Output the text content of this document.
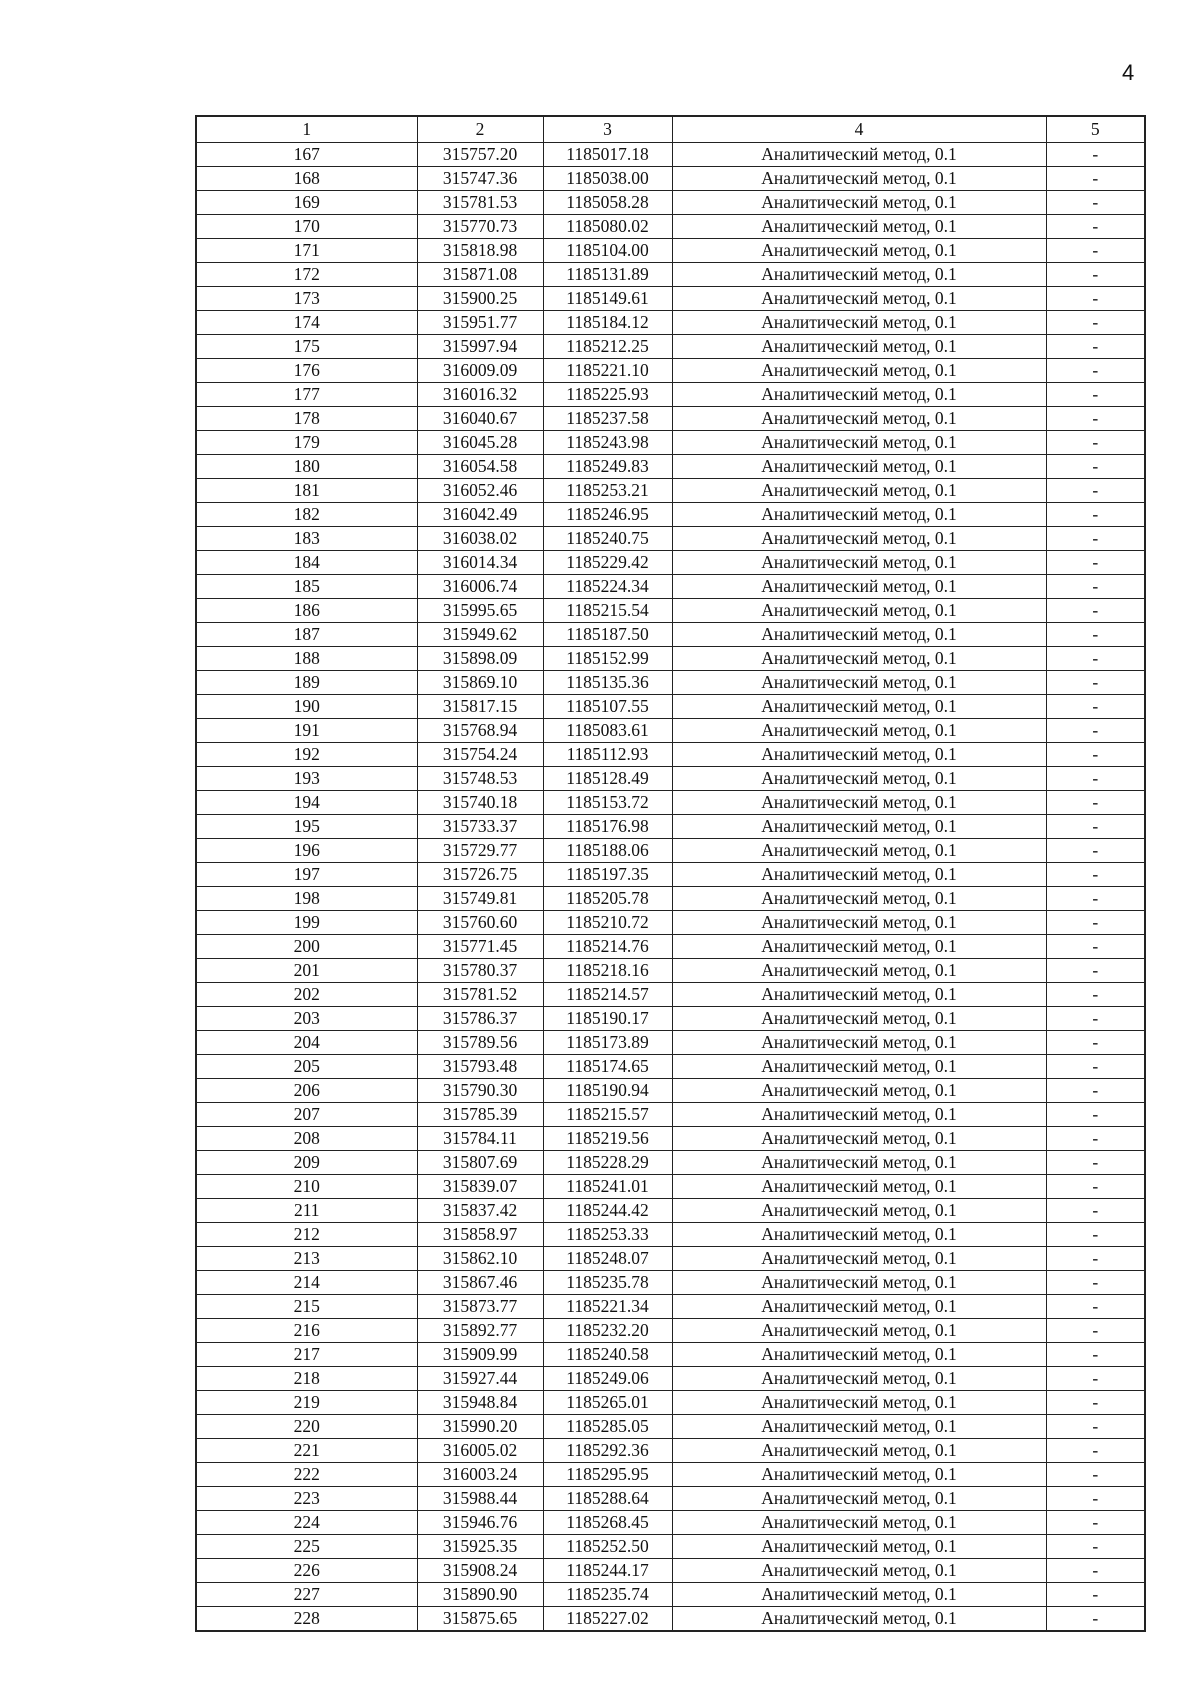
4
1	2	3	4	5
167	315757.20	1185017.18	Аналитический метод, 0.1	-
168	315747.36	1185038.00	Аналитический метод, 0.1	-
169	315781.53	1185058.28	Аналитический метод, 0.1	-
170	315770.73	1185080.02	Аналитический метод, 0.1	-
171	315818.98	1185104.00	Аналитический метод, 0.1	-
172	315871.08	1185131.89	Аналитический метод, 0.1	-
173	315900.25	1185149.61	Аналитический метод, 0.1	-
174	315951.77	1185184.12	Аналитический метод, 0.1	-
175	315997.94	1185212.25	Аналитический метод, 0.1	-
176	316009.09	1185221.10	Аналитический метод, 0.1	-
177	316016.32	1185225.93	Аналитический метод, 0.1	-
178	316040.67	1185237.58	Аналитический метод, 0.1	-
179	316045.28	1185243.98	Аналитический метод, 0.1	-
180	316054.58	1185249.83	Аналитический метод, 0.1	-
181	316052.46	1185253.21	Аналитический метод, 0.1	-
182	316042.49	1185246.95	Аналитический метод, 0.1	-
183	316038.02	1185240.75	Аналитический метод, 0.1	-
184	316014.34	1185229.42	Аналитический метод, 0.1	-
185	316006.74	1185224.34	Аналитический метод, 0.1	-
186	315995.65	1185215.54	Аналитический метод, 0.1	-
187	315949.62	1185187.50	Аналитический метод, 0.1	-
188	315898.09	1185152.99	Аналитический метод, 0.1	-
189	315869.10	1185135.36	Аналитический метод, 0.1	-
190	315817.15	1185107.55	Аналитический метод, 0.1	-
191	315768.94	1185083.61	Аналитический метод, 0.1	-
192	315754.24	1185112.93	Аналитический метод, 0.1	-
193	315748.53	1185128.49	Аналитический метод, 0.1	-
194	315740.18	1185153.72	Аналитический метод, 0.1	-
195	315733.37	1185176.98	Аналитический метод, 0.1	-
196	315729.77	1185188.06	Аналитический метод, 0.1	-
197	315726.75	1185197.35	Аналитический метод, 0.1	-
198	315749.81	1185205.78	Аналитический метод, 0.1	-
199	315760.60	1185210.72	Аналитический метод, 0.1	-
200	315771.45	1185214.76	Аналитический метод, 0.1	-
201	315780.37	1185218.16	Аналитический метод, 0.1	-
202	315781.52	1185214.57	Аналитический метод, 0.1	-
203	315786.37	1185190.17	Аналитический метод, 0.1	-
204	315789.56	1185173.89	Аналитический метод, 0.1	-
205	315793.48	1185174.65	Аналитический метод, 0.1	-
206	315790.30	1185190.94	Аналитический метод, 0.1	-
207	315785.39	1185215.57	Аналитический метод, 0.1	-
208	315784.11	1185219.56	Аналитический метод, 0.1	-
209	315807.69	1185228.29	Аналитический метод, 0.1	-
210	315839.07	1185241.01	Аналитический метод, 0.1	-
211	315837.42	1185244.42	Аналитический метод, 0.1	-
212	315858.97	1185253.33	Аналитический метод, 0.1	-
213	315862.10	1185248.07	Аналитический метод, 0.1	-
214	315867.46	1185235.78	Аналитический метод, 0.1	-
215	315873.77	1185221.34	Аналитический метод, 0.1	-
216	315892.77	1185232.20	Аналитический метод, 0.1	-
217	315909.99	1185240.58	Аналитический метод, 0.1	-
218	315927.44	1185249.06	Аналитический метод, 0.1	-
219	315948.84	1185265.01	Аналитический метод, 0.1	-
220	315990.20	1185285.05	Аналитический метод, 0.1	-
221	316005.02	1185292.36	Аналитический метод, 0.1	-
222	316003.24	1185295.95	Аналитический метод, 0.1	-
223	315988.44	1185288.64	Аналитический метод, 0.1	-
224	315946.76	1185268.45	Аналитический метод, 0.1	-
225	315925.35	1185252.50	Аналитический метод, 0.1	-
226	315908.24	1185244.17	Аналитический метод, 0.1	-
227	315890.90	1185235.74	Аналитический метод, 0.1	-
228	315875.65	1185227.02	Аналитический метод, 0.1	-
